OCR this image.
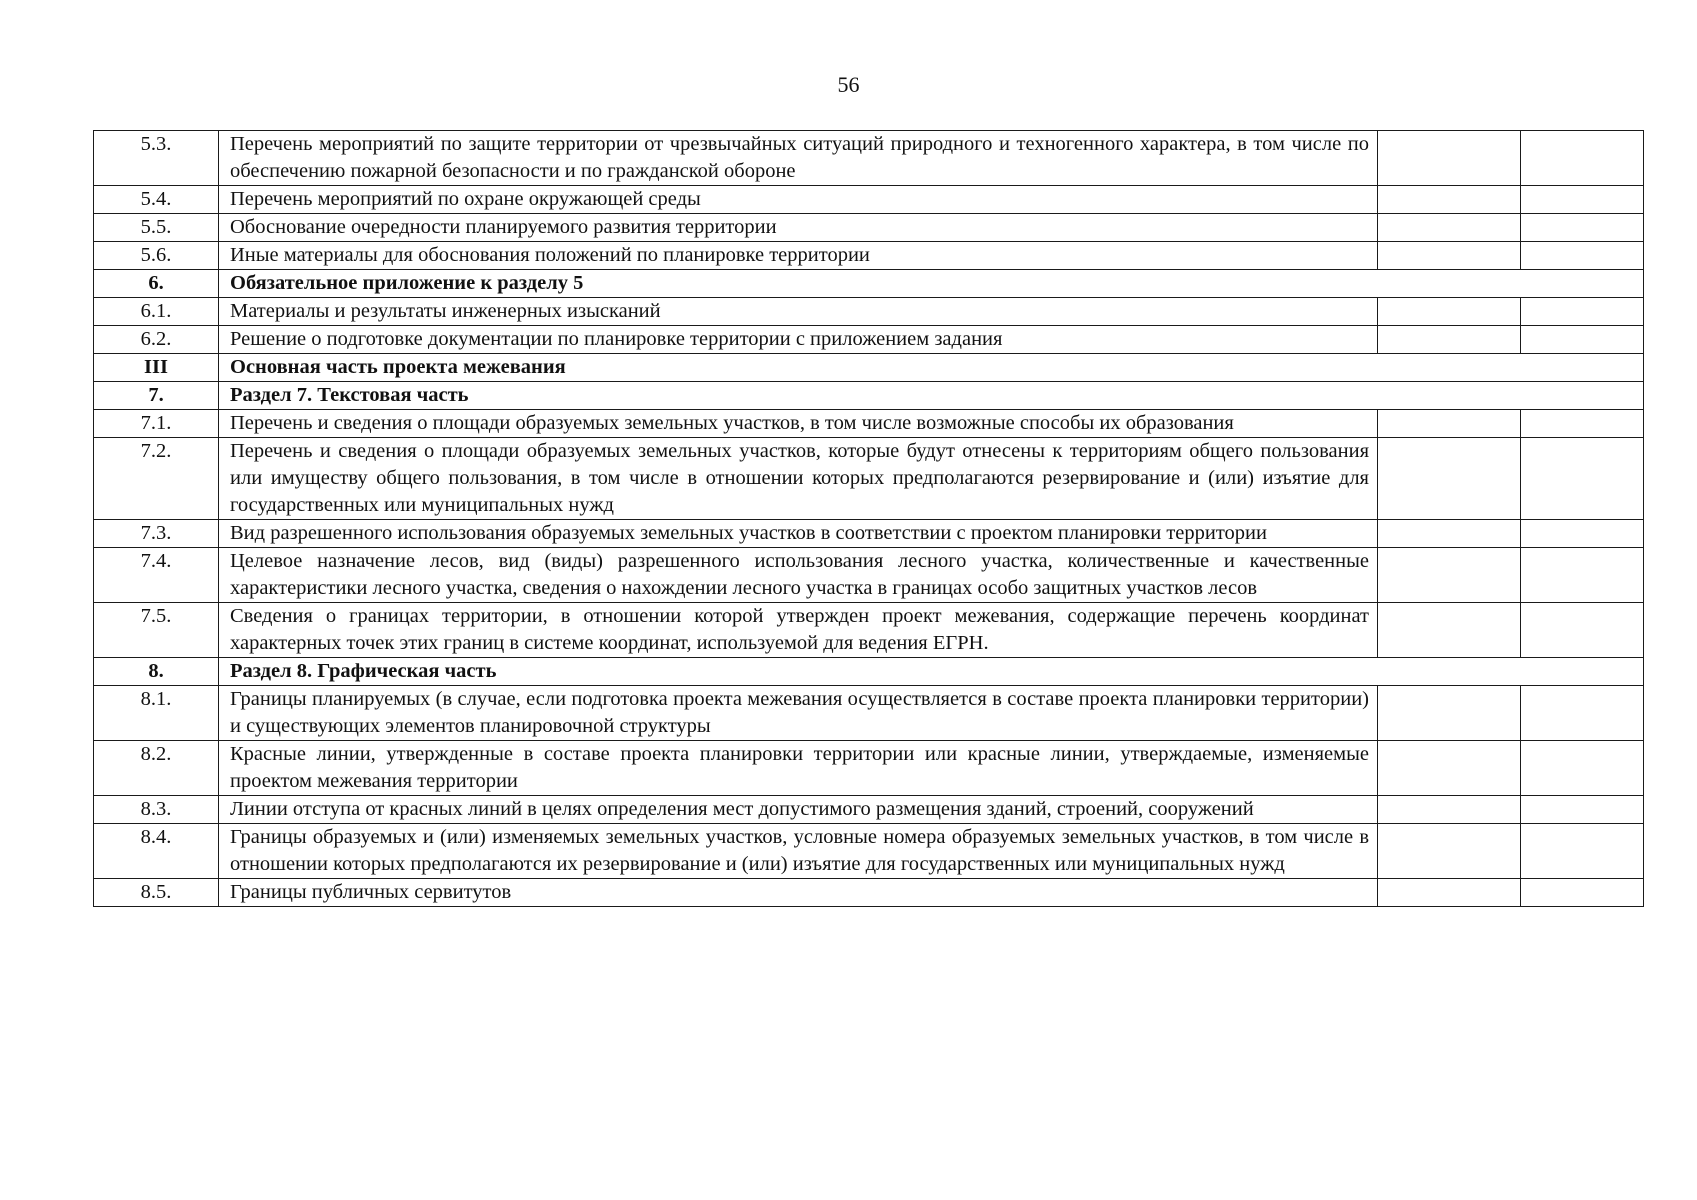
56
5.3.	Перечень мероприятий по защите территории от чрезвычайных ситуаций природного и техногенного характера, в том числе по обеспечению пожарной безопасности и по гражданской обороне		
5.4.	Перечень мероприятий по охране окружающей среды		
5.5.	Обоснование очередности планируемого развития территории		
5.6.	Иные материалы для обоснования положений по планировке территории		
6.	Обязательное приложение к разделу 5		
6.1.	Материалы и результаты инженерных изысканий		
6.2.	Решение о подготовке документации по планировке территории с приложением задания		
III	Основная часть проекта межевания		
7.	Раздел 7. Текстовая часть		
7.1.	Перечень и сведения о площади образуемых земельных участков, в том числе возможные способы их образования		
7.2.	Перечень и сведения о площади образуемых земельных участков, которые будут отнесены к территориям общего пользования или имуществу общего пользования, в том числе в отношении которых предполагаются резервирование и (или) изъятие для государственных или муниципальных нужд		
7.3.	Вид разрешенного использования образуемых земельных участков в соответствии с проектом планировки территории		
7.4.	Целевое назначение лесов, вид (виды) разрешенного использования лесного участка, количественные и качественные характеристики лесного участка, сведения о нахождении лесного участка в границах особо защитных участков лесов		
7.5.	Сведения о границах территории, в отношении которой утвержден проект межевания, содержащие перечень координат характерных точек этих границ в системе координат, используемой для ведения ЕГРН.		
8.	Раздел 8. Графическая часть		
8.1.	Границы планируемых (в случае, если подготовка проекта межевания осуществляется в составе проекта планировки территории) и существующих элементов планировочной структуры		
8.2.	Красные линии, утвержденные в составе проекта планировки территории или красные линии, утверждаемые, изменяемые проектом межевания территории		
8.3.	Линии отступа от красных линий в целях определения мест допустимого размещения зданий, строений, сооружений		
8.4.	Границы образуемых и (или) изменяемых земельных участков, условные номера образуемых земельных участков, в том числе в отношении которых предполагаются их резервирование и (или) изъятие для государственных или муниципальных нужд		
8.5.	Границы публичных сервитутов		
